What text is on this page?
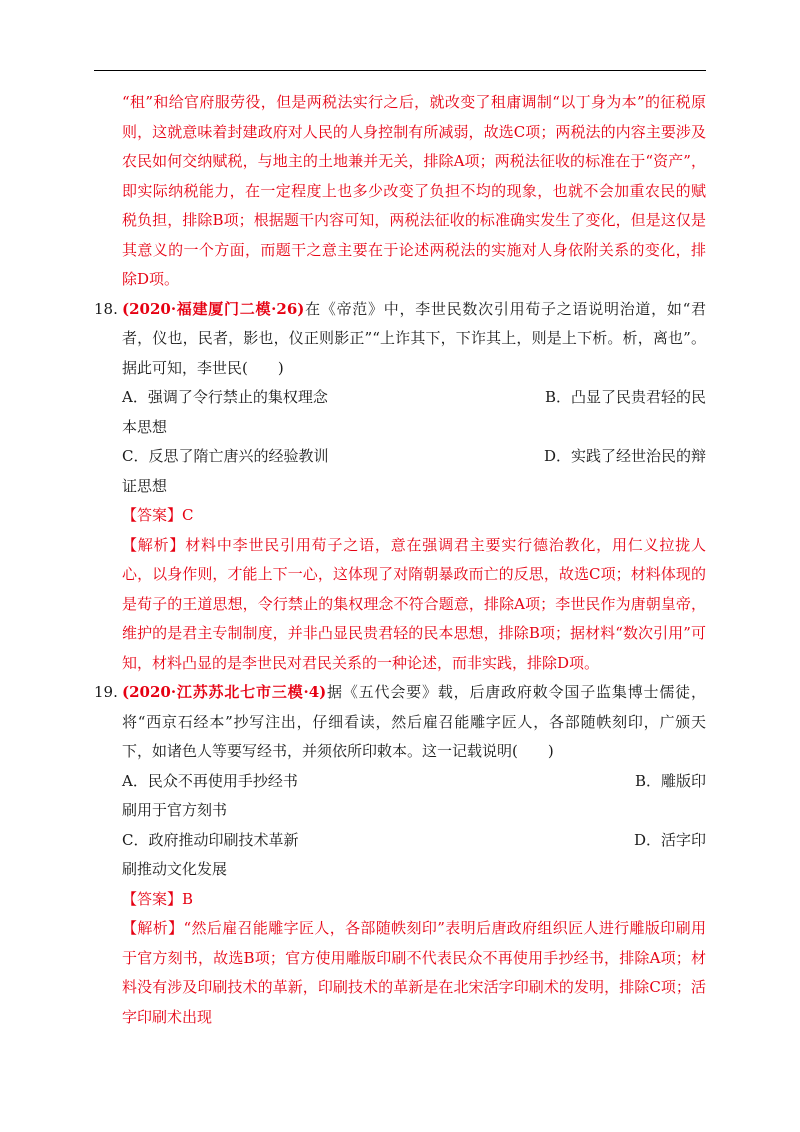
“租”和给官府服劳役，但是两税法实行之后，就改变了租庸调制“以丁身为本”的征税原则，这就意味着封建政府对人民的人身控制有所减弱，故选C项；两税法的内容主要涉及农民如何交纳赋税，与地主的土地兼并无关，排除A项；两税法征收的标准在于“资产”，即实际纳税能力，在一定程度上也多少改变了负担不均的现象，也就不会加重农民的赋税负担，排除B项；根据题干内容可知，两税法征收的标准确实发生了变化，但是这仅是其意义的一个方面，而题干之意主要在于论述两税法的实施对人身依附关系的变化，排除D项。

18. (2020·福建厦门二模·26)在《帝范》中，李世民数次引用荀子之语说明治道，如“君者，仪也，民者，影也，仪正则影正”“上诈其下，下诈其上，则是上下析。析，离也”。据此可知，李世民(　　)

A．强调了令行禁止的集权理念	B．凸显了民贵君轻的民

本思想

C．反思了隋亡唐兴的经验教训	D．实践了经世治民的辩

证思想

【答案】C

【解析】材料中李世民引用荀子之语，意在强调君主要实行德治教化，用仁义拉拢人心，以身作则，才能上下一心，这体现了对隋朝暴政而亡的反思，故选C项；材料体现的是荀子的王道思想，令行禁止的集权理念不符合题意，排除A项；李世民作为唐朝皇帝，维护的是君主专制制度，并非凸显民贵君轻的民本思想，排除B项；据材料“数次引用”可知，材料凸显的是李世民对君民关系的一种论述，而非实践，排除D项。

19. (2020·江苏苏北七市三模·4)据《五代会要》载，后唐政府敕令国子监集博士儒徒，将“西京石经本”抄写注出，仔细看读，然后雇召能雕字匠人，各部随帙刻印，广颁天下，如诸色人等要写经书，并须依所印敕本。这一记载说明(　　)

A．民众不再使用手抄经书	B．雕版印

刷用于官方刻书

C．政府推动印刷技术革新	D．活字印

刷推动文化发展

【答案】B

【解析】“然后雇召能雕字匠人，各部随帙刻印”表明后唐政府组织匠人进行雕版印刷用于官方刻书，故选B项；官方使用雕版印刷不代表民众不再使用手抄经书，排除A项；材料没有涉及印刷技术的革新，印刷技术的革新是在北宋活字印刷术的发明，排除C项；活字印刷术出现
